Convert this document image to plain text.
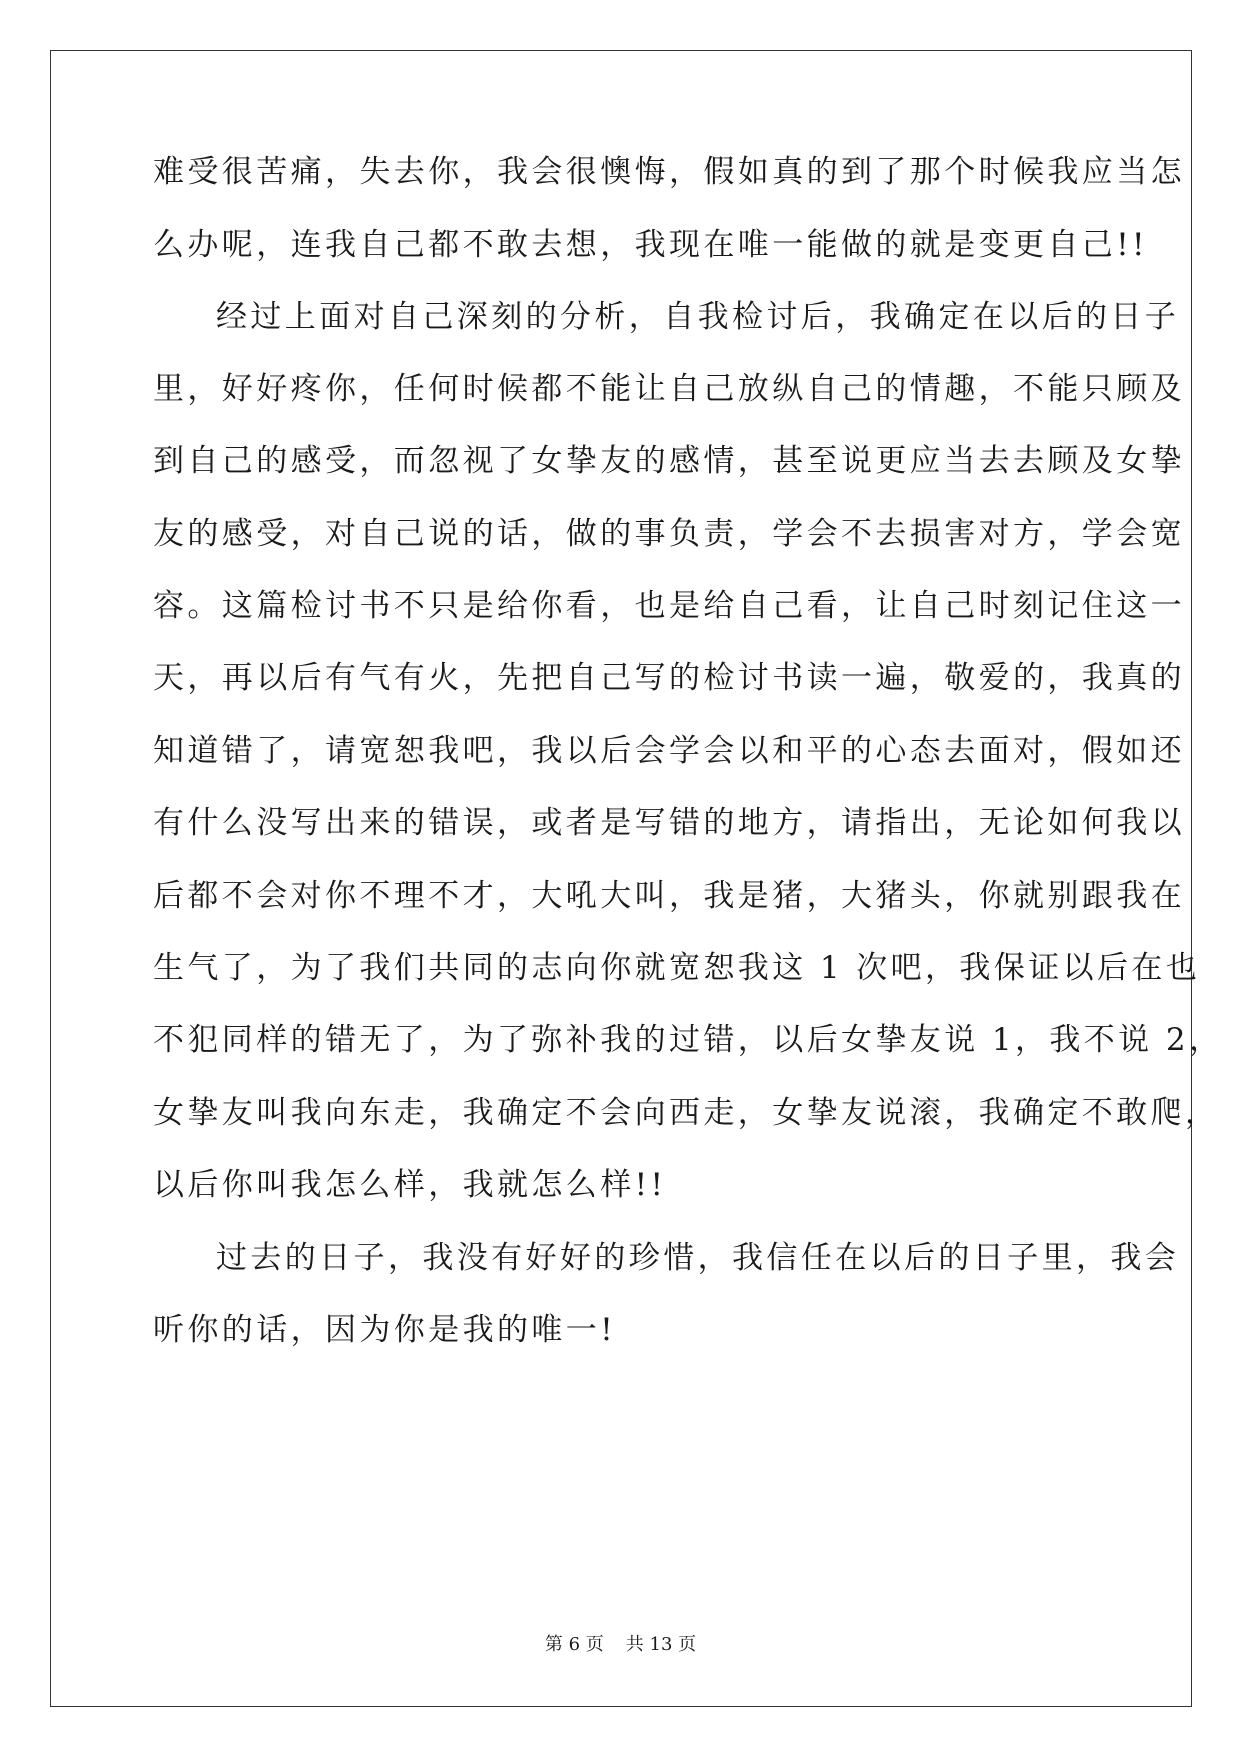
难受很苦痛，失去你，我会很懊悔，假如真的到了那个时候我应当怎
么办呢，连我自己都不敢去想，我现在唯一能做的就是变更自己!!
经过上面对自己深刻的分析，自我检讨后，我确定在以后的日子
里，好好疼你，任何时候都不能让自己放纵自己的情趣，不能只顾及
到自己的感受，而忽视了女挚友的感情，甚至说更应当去去顾及女挚
友的感受，对自己说的话，做的事负责，学会不去损害对方，学会宽
容。这篇检讨书不只是给你看，也是给自己看，让自己时刻记住这一
天，再以后有气有火，先把自己写的检讨书读一遍，敬爱的，我真的
知道错了，请宽恕我吧，我以后会学会以和平的心态去面对，假如还
有什么没写出来的错误，或者是写错的地方，请指出，无论如何我以
后都不会对你不理不才，大吼大叫，我是猪，大猪头，你就别跟我在
生气了，为了我们共同的志向你就宽恕我这 1 次吧，我保证以后在也
不犯同样的错无了，为了弥补我的过错，以后女挚友说 1，我不说 2，
女挚友叫我向东走，我确定不会向西走，女挚友说滚，我确定不敢爬，
以后你叫我怎么样，我就怎么样!!
过去的日子，我没有好好的珍惜，我信任在以后的日子里，我会
听你的话，因为你是我的唯一!
第 6 页 共 13 页
